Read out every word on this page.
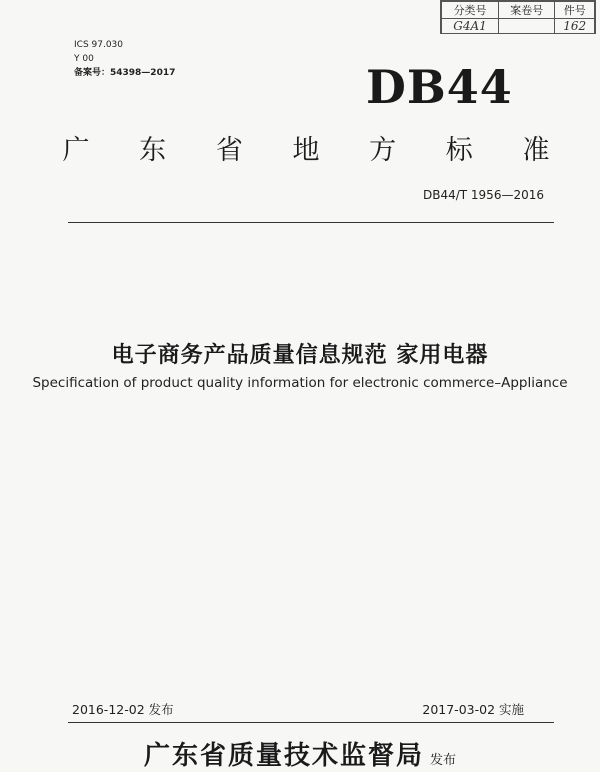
分类号	案卷号	件号
G4A1		162
ICS 97.030
Y 00
备案号：54398—2017	DB44
广 东 省 地 方 标 准
DB44/T 1956—2016
电子商务产品质量信息规范 家用电器
Specification of product quality information for electronic commerce–Appliance
2016-12-02 发布	2017-03-02 实施
广东省质量技术监督局 发布
